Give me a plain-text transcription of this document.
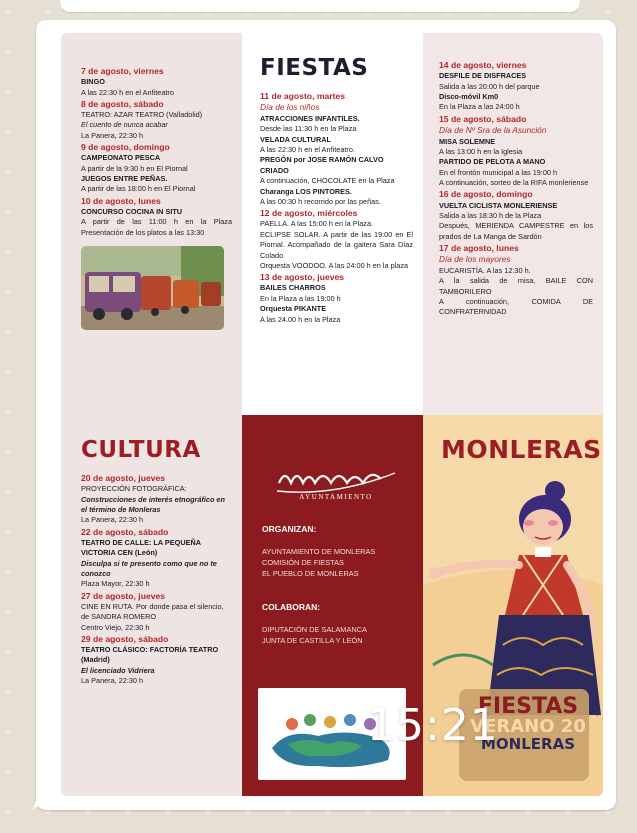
7 de agosto, viernes
BINGO
A las 22:30 h en el Anfiteatro
8 de agosto, sábado
TEATRO: AZAR TEATRO (Valladolid)
El cuento de nunca acabar
La Panera, 22:30 h
9 de agosto, domingo
CAMPEONATO PESCA
A partir de la 9:30 h en El Piornal
JUEGOS ENTRE PEÑAS.
A partir de las 18:00 h en El Piornal
10 de agosto, lunes
CONCURSO COCINA IN SITU
A partir de las 11:00 h en la Plaza Presentación de los platos a las 13:30
FIESTAS
11 de agosto, martes
Día de los niños
ATRACCIONES INFANTILES.
Desde las 11:30 h en la Plaza
VELADA CULTURAL
A las 22:30 h en el Anfiteatro.
PREGÓN por JOSE RAMÓN CALVO CRIADO
A continuación, CHOCOLATE en la Plaza
Charanga LOS PINTORES.
A las 00:30 h recorrido por las peñas.
12 de agosto, miércoles
PAELLA. A las 15:00 h en la Plaza.
ECLIPSE SOLAR. A partir de las 19:00 en El Piornal. Acompañado de la gaitera Sara Díaz Colado
Orquesta VOODOO. A las 24:00 h en la plaza
13 de agosto, jueves
BAILES CHARROS
En la Plaza a las 19:00 h
Orquesta PIKANTE
A las 24.00 h en la Plaza
14 de agosto, viernes
DESFILE DE DISFRACES
Salida a las 20:00 h del parque
Disco-móvil Km0
En la Plaza a las 24:00 h
15 de agosto, sábado
Día de Nº Sra de la Asunción
MISA SOLEMNE
A las 13:00 h en la Iglesia
PARTIDO DE PELOTA A MANO
En el frontón municipal a las 19:00 h
A continuación, sorteo de la RIFA monleriense
16 de agosto, domingo
VUELTA CICLISTA MONLERIENSE
Salida a las 18:30 h de la Plaza
Después, MERIENDA CAMPESTRE en los prados de La Manga de Sardón
17 de agosto, lunes
Día de los mayores
EUCARISTÍA. A las 12:30 h.
A la salida de misa, BAILE CON TAMBORILERO
A continuación, COMIDA DE CONFRATERNIDAD
CULTURA
20 de agosto, jueves
PROYECCIÓN FOTOGRÁFICA:
Construcciones de interés etnográfico en el término de Monleras
La Panera, 22:30 h
22 de agosto, sábado
TEATRO DE CALLE: LA PEQUEÑA VICTORIA CEN (León)
Disculpa si te presento como que no te conozco
Plaza Mayor, 22:30 h
27 de agosto, jueves
CINE EN RUTA. Por donde pasa el silencio, de SANDRA ROMERO
Centro Viejo, 22:30 h
29 de agosto, sábado
TEATRO CLÁSICO: FACTORÍA TEATRO (Madrid)
El licenciado Vidriera
La Panera, 22:30 h
AYUNTAMIENTO
ORGANIZAN:
AYUNTAMIENTO DE MONLERAS
COMISIÓN DE FIESTAS
EL PUEBLO DE MONLERAS
COLABORAN:
DIPUTACIÓN DE SALAMANCA
JUNTA DE CASTILLA Y LEÓN
MONLERAS
FIESTAS
VERANO 20
MONLERAS
15:21
